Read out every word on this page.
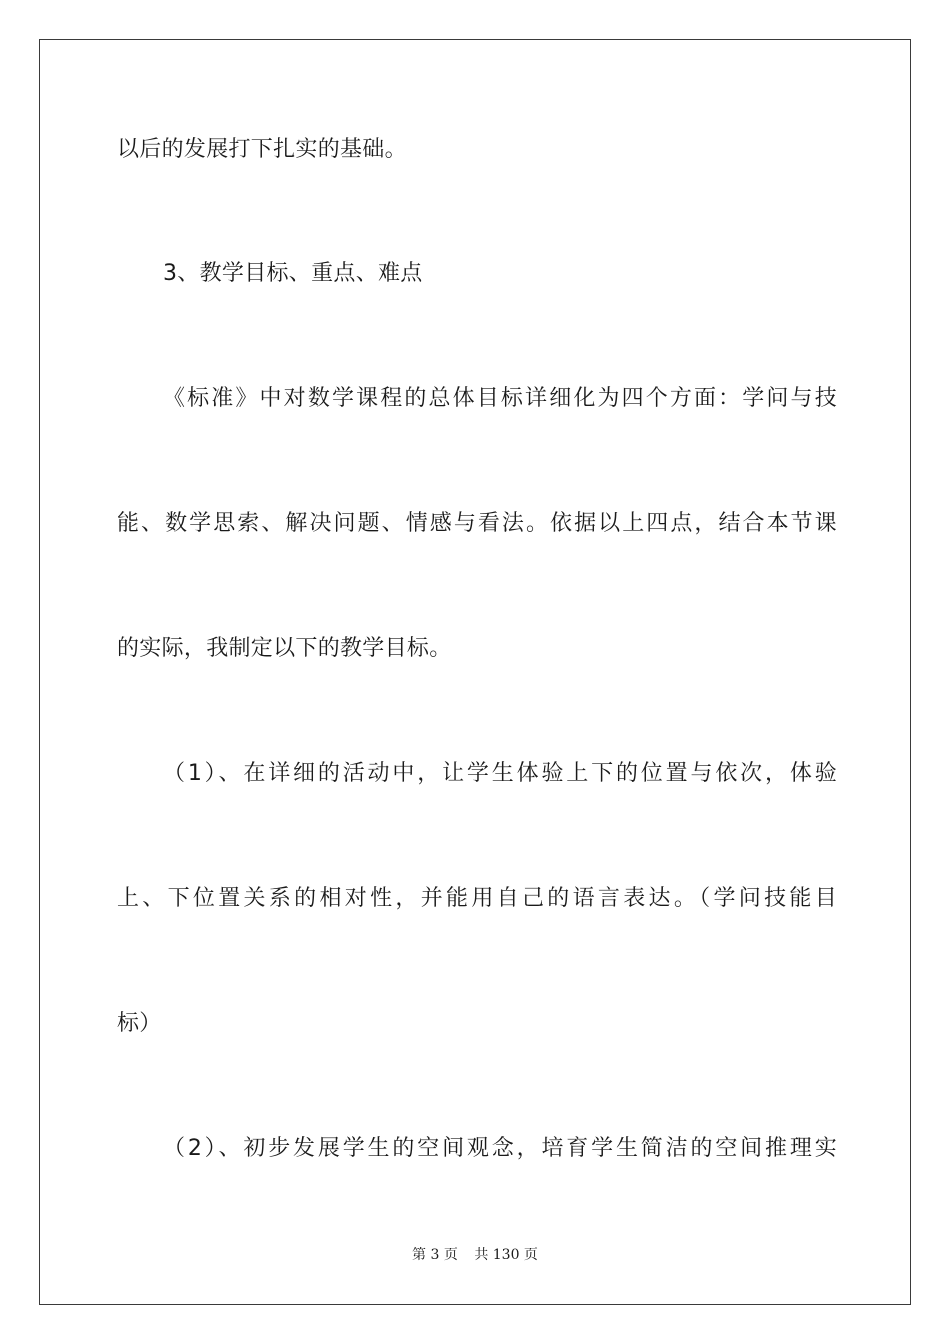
以后的发展打下扎实的基础。
3、教学目标、重点、难点
《标准》中对数学课程的总体目标详细化为四个方面：学问与技
能、数学思索、解决问题、情感与看法。依据以上四点，结合本节课
的实际，我制定以下的教学目标。
（1）、在详细的活动中，让学生体验上下的位置与依次，体验
上、下位置关系的相对性，并能用自己的语言表达。（学问技能目
标）
（2）、初步发展学生的空间观念，培育学生简洁的空间推理实
第 3 页 共 130 页
